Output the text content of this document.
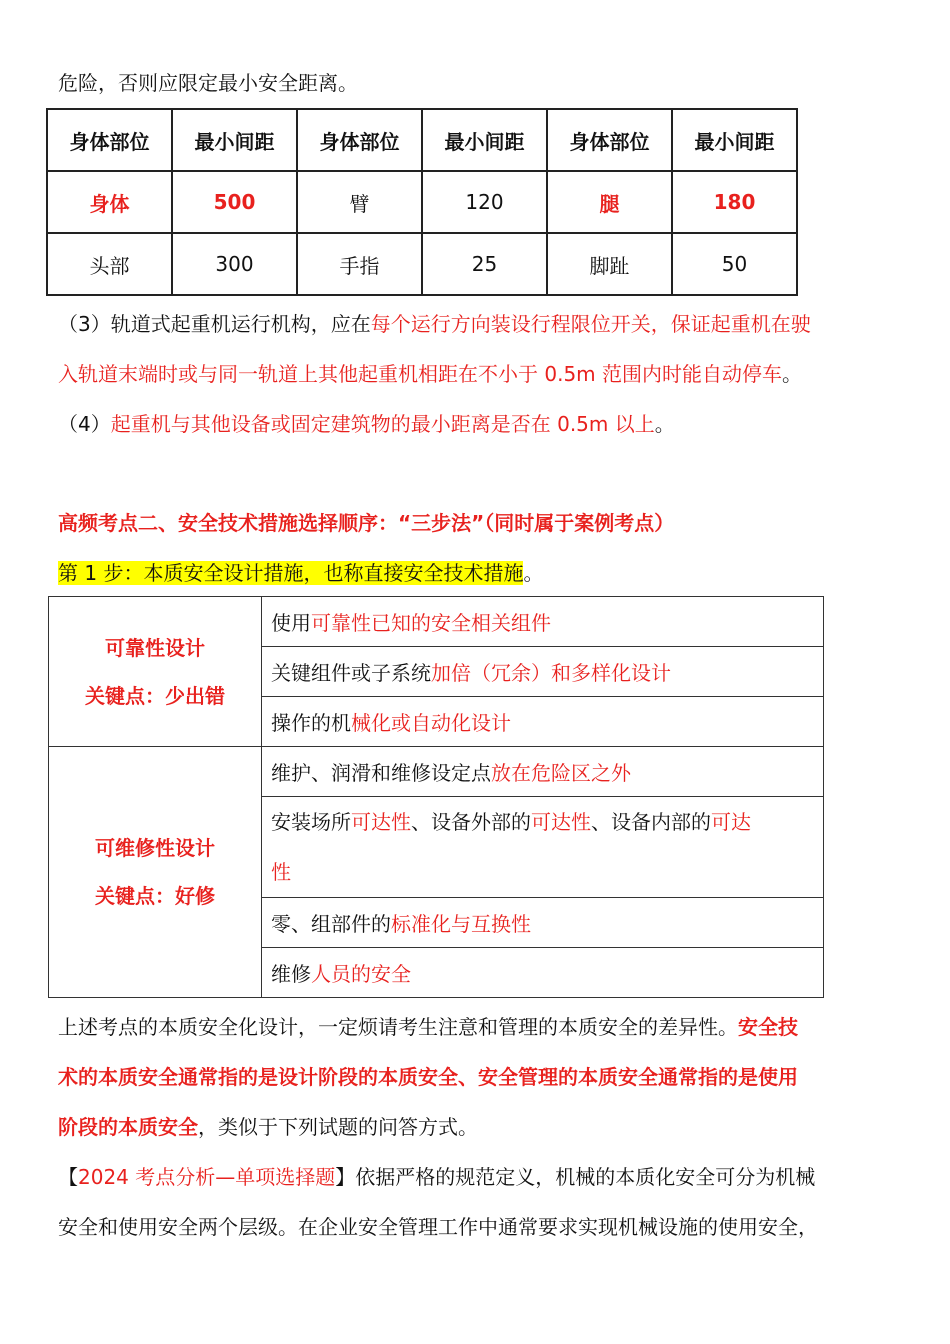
危险，否则应限定最小安全距离。
身体部位	最小间距	身体部位	最小间距	身体部位	最小间距
身体	500	臂	120	腿	180
头部	300	手指	25	脚趾	50
（3）轨道式起重机运行机构，应在每个运行方向装设行程限位开关，保证起重机在驶
入轨道末端时或与同一轨道上其他起重机相距在不小于 0.5m 范围内时能自动停车。
（4）起重机与其他设备或固定建筑物的最小距离是否在 0.5m 以上。
高频考点二、安全技术措施选择顺序：“三步法”（同时属于案例考点）
第 1 步：本质安全设计措施，也称直接安全技术措施。
可靠性设计
关键点：少出错	使用可靠性已知的安全相关组件
	关键组件或子系统加倍（冗余）和多样化设计
	操作的机械化或自动化设计

可维修性设计
关键点：好修	维护、润滑和维修设定点放在危险区之外
	安装场所可达性、设备外部的可达性、设备内部的可达
性
	零、组部件的标准化与互换性
	维修人员的安全
上述考点的本质安全化设计，一定烦请考生注意和管理的本质安全的差异性。安全技
术的本质安全通常指的是设计阶段的本质安全、安全管理的本质安全通常指的是使用
阶段的本质安全，类似于下列试题的问答方式。
【2024 考点分析—单项选择题】依据严格的规范定义，机械的本质化安全可分为机械
安全和使用安全两个层级。在企业安全管理工作中通常要求实现机械设施的使用安全，
